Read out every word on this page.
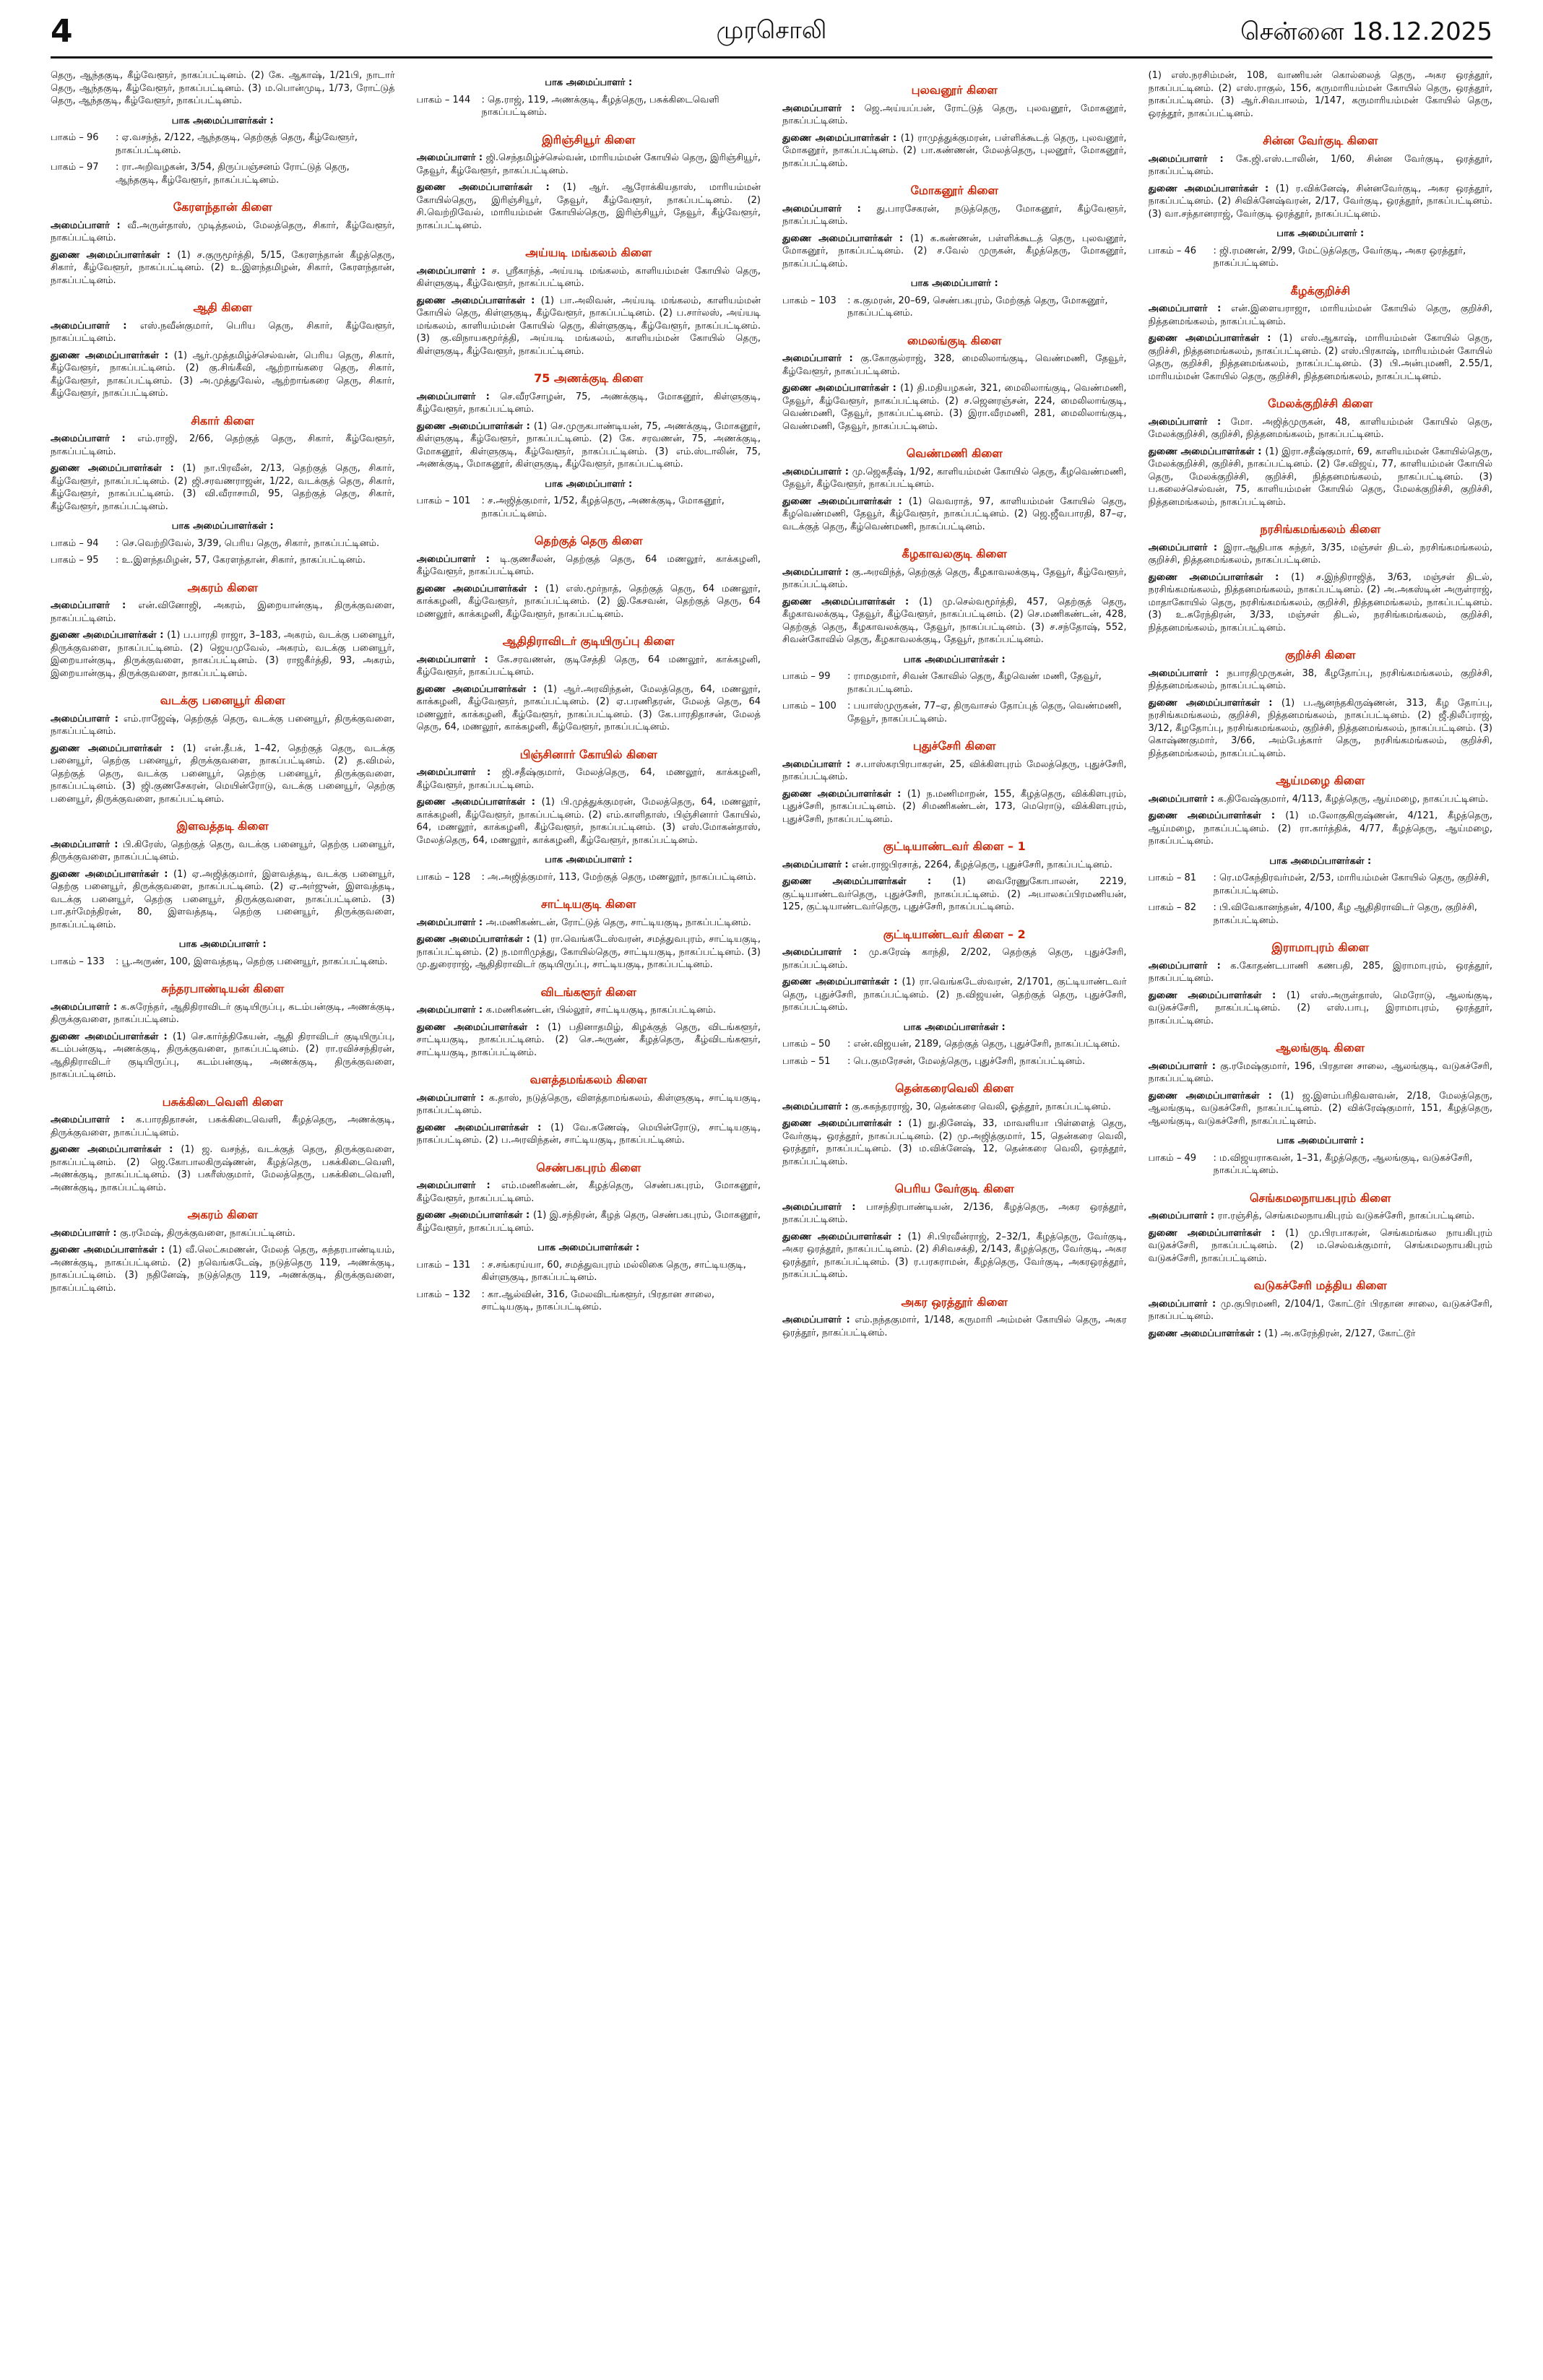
4	முரசொலி	சென்னை 18.12.2025
தெரு, ஆந்தகுடி, கீழ்வேளூர், நாகப்பட்டினம். (2) கே. ஆகாஷ், 1/21பி, நாடார் தெரு, ஆந்தகுடி, கீழ்வேளூர், நாகப்பட்டினம். (3) ம.பொன்முடி, 1/73, ரோட்டுத் தெரு, ஆந்தகுடி, கீழ்வேளூர், நாகப்பட்டினம்.
பாக அமைப்பாளர்கள் :
பாகம் – 96	: ஏ.வசந்த், 2/122, ஆந்தகுடி, தெற்குத் தெரு, கீழ்வேளூர், நாகப்பட்டினம்.
பாகம் – 97	: ரா.அறிவழகன், 3/54, திருப்பஞ்சனம் ரோட்டுத் தெரு, ஆந்தகுடி, கீழ்வேளூர், நாகப்பட்டினம்.
கேரளந்தான் கிளை
அமைப்பாளர் : வீ.அருள்தாஸ், முடித்தலம், மேலத்தெரு, சிகார், கீழ்வேளூர், நாகப்பட்டினம்.
துணை அமைப்பாளர்கள் : (1) ச.குருமூர்த்தி, 5/15, கேரளந்தான் கீழத்தெரு, சிகார், கீழ்வேளூர், நாகப்பட்டினம். (2) உ.இளந்தமிழன், சிகார், கேரளந்தான், நாகப்பட்டினம்.
ஆதி கிளை
அமைப்பாளர் : எஸ்.நவீன்குமார், பெரிய தெரு, சிகார், கீழ்வேளூர், நாகப்பட்டினம்.
துணை அமைப்பாளர்கள் : (1) ஆர்.முத்தமிழ்ச்செல்வன், பெரிய தெரு, சிகார், கீழ்வேளூர், நாகப்பட்டினம். (2) கு.சிங்கீவி, ஆற்றாங்கரை தெரு, சிகார், கீழ்வேளூர், நாகப்பட்டினம். (3) அ.முத்துவேல், ஆற்றாங்கரை தெரு, சிகார், கீழ்வேளூர், நாகப்பட்டினம்.
சிகார் கிளை
அமைப்பாளர் : எம்.ராஜி, 2/66, தெற்குத் தெரு, சிகார், கீழ்வேளூர், நாகப்பட்டினம்.
துணை அமைப்பாளர்கள் : (1) நா.பிரவீன், 2/13, தெற்குத் தெரு, சிகார், கீழ்வேளூர், நாகப்பட்டினம். (2) ஜி.சரவணராஜன், 1/22, வடக்குத் தெரு, சிகார், கீழ்வேளூர், நாகப்பட்டினம். (3) வி.வீராசாமி, 95, தெற்குத் தெரு, சிகார், கீழ்வேளூர், நாகப்பட்டினம்.
பாக அமைப்பாளர்கள் :
பாகம் – 94	: செ.வெற்றிவேல், 3/39, பெரிய தெரு, சிகார், நாகப்பட்டினம்.
பாகம் – 95	: உ.இளந்தமிழன், 57, கேரளந்தான், சிகார், நாகப்பட்டினம்.
அகரம் கிளை
அமைப்பாளர் : என்.வினோஜி, அகரம், இறையான்குடி, திருக்குவளை, நாகப்பட்டினம்.
துணை அமைப்பாளர்கள் : (1) ப.பாரதி ராஜா, 3–183, அகரம், வடக்கு பனையூர், திருக்குவளை, நாகப்பட்டினம். (2) ஜெயமுவேல், அகரம், வடக்கு பனையூர், இறையான்குடி, திருக்குவளை, நாகப்பட்டினம். (3) ராஜகீர்த்தி, 93, அகரம், இறையான்குடி, திருக்குவளை, நாகப்பட்டினம்.
வடக்கு பனையூர் கிளை
அமைப்பாளர் : எம்.ராஜேஷ், தெற்குத் தெரு, வடக்கு பனையூர், திருக்குவளை, நாகப்பட்டினம்.
துணை அமைப்பாளர்கள் : (1) என்.தீபக், 1–42, தெற்குத் தெரு, வடக்கு பனையூர், தெற்கு பனையூர், திருக்குவளை, நாகப்பட்டினம். (2) த.விமல், தெற்குத் தெரு, வடக்கு பனையூர், தெற்கு பனையூர், திருக்குவளை, நாகப்பட்டினம். (3) ஜி.குணசேகரன், மெயின்ரோடு, வடக்கு பனையூர், தெற்கு பனையூர், திருக்குவளை, நாகப்பட்டினம்.
இளவத்தடி கிளை
அமைப்பாளர் : பி.கிரேஸ், தெற்குத் தெரு, வடக்கு பனையூர், தெற்கு பனையூர், திருக்குவளை, நாகப்பட்டினம்.
துணை அமைப்பாளர்கள் : (1) ஏ.அஜித்குமார், இளவத்தடி, வடக்கு பனையூர், தெற்கு பனையூர், திருக்குவளை, நாகப்பட்டினம். (2) ஏ.அர்ஜுன், இளவத்தடி, வடக்கு பனையூர், தெற்கு பனையூர், திருக்குவளை, நாகப்பட்டினம். (3) பா.தர்மேந்திரன், 80, இளவத்தடி, தெற்கு பனையூர், திருக்குவளை, நாகப்பட்டினம்.
பாக அமைப்பாளர் :
பாகம் – 133	: பூ.அருண், 100, இளவத்தடி, தெற்கு பனையூர், நாகப்பட்டினம்.
சுந்தரபாண்டியன் கிளை
அமைப்பாளர் : க.சுரேந்தர், ஆதிதிராவிடர் குடியிருப்பு, கடம்பன்குடி, அணக்குடி, திருக்குவளை, நாகப்பட்டினம்.
துணை அமைப்பாளர்கள் : (1) செ.கார்த்திகேயன், ஆதி திராவிடர் குடியிருப்பு, கடம்பன்குடி, அணக்குடி, திருக்குவளை, நாகப்பட்டினம். (2) ரா.ரவிச்சந்திரன், ஆதிதிராவிடர் குடியிருப்பு, கடம்பன்குடி, அணக்குடி, திருக்குவளை, நாகப்பட்டினம்.
பசுக்கிடைவெளி கிளை
அமைப்பாளர் : க.பாரதிதாசன், பசுக்கிடைவெளி, கீழத்தெரு, அணக்குடி, திருக்குவளை, நாகப்பட்டினம்.
துணை அமைப்பாளர்கள் : (1) ஜ. வசந்த், வடக்குத் தெரு, திருக்குவளை, நாகப்பட்டினம். (2) ஜெ.கோபாலகிருஷ்ணன், கீழத்தெரு, பசுக்கிடைவெளி, அணக்குடி, நாகப்பட்டினம். (3) பசுரீஸ்குமார், மேலத்தெரு, பசுக்கிடைவெளி, அணக்குடி, நாகப்பட்டினம்.
அகரம் கிளை
அமைப்பாளர் : கு.ரமேஷ், திருக்குவளை, நாகப்பட்டினம்.
துணை அமைப்பாளர்கள் : (1) வீ.லெட்சுமணன், மேலத் தெரு, சுந்தரபாண்டியம், அணக்குடி, நாகப்பட்டினம். (2) நவெங்கடேஷ், நடுத்தெரு 119, அணக்குடி, நாகப்பட்டினம். (3) நதினேஷ், நடுத்தெரு 119, அணக்குடி, திருக்குவளை, நாகப்பட்டினம்.
பாக அமைப்பாளர் :
பாகம் – 144	: தெ.ராஜ், 119, அணக்குடி, கீழத்தெரு, பசுக்கிடைவெளி நாகப்பட்டினம்.
இரிஞ்சியூர் கிளை
அமைப்பாளர் : ஜி.செந்தமிழ்ச்செல்வன், மாரியம்மன் கோயில் தெரு, இரிஞ்சியூர், தேவூர், கீழ்வேளூர், நாகப்பட்டினம்.
துணை அமைப்பாளர்கள் : (1) ஆர். ஆரோக்கியதாஸ், மாரியம்மன் கோயில்தெரு, இரிஞ்சியூர், தேவூர், கீழ்வேளூர், நாகப்பட்டினம். (2) சி.வெற்றிவேல், மாரியம்மன் கோயில்தெரு, இரிஞ்சியூர், தேவூர், கீழ்வேளூர், நாகப்பட்டினம்.
அய்யடி மங்கலம் கிளை
அமைப்பாளர் : ச. ஸ்ரீகாந்த், அய்யடி மங்கலம், காளியம்மன் கோயில் தெரு, கிள்ளுகுடி, கீழ்வேளூர், நாகப்பட்டினம்.
துணை அமைப்பாளர்கள் : (1) பா.அலிவன், அய்யடி மங்கலம், காளியம்மன் கோயில் தெரு, கிள்ளுகுடி, கீழ்வேளூர், நாகப்பட்டினம். (2) ப.சார்லஸ், அய்யடி மங்கலம், காளியம்மன் கோயில் தெரு, கிள்ளுகுடி, கீழ்வேளூர், நாகப்பட்டினம். (3) கு.விநாயகமூர்த்தி, அய்யடி மங்கலம், காளியம்மன் கோயில் தெரு, கிள்ளுகுடி, கீழ்வேளூர், நாகப்பட்டினம்.
75 அணக்குடி கிளை
அமைப்பாளர் : செ.வீரசோழன், 75, அணக்குடி, மோகனூர், கிள்ளுகுடி, கீழ்வேளூர், நாகப்பட்டினம்.
துணை அமைப்பாளர்கள் : (1) செ.முருகபாண்டியன், 75, அணக்குடி, மோகனூர், கிள்ளுகுடி, கீழ்வேளூர், நாகப்பட்டினம். (2) கே. சரவணன், 75, அணக்குடி, மோகனூர், கிள்ளுகுடி, கீழ்வேளூர், நாகப்பட்டினம். (3) எம்.ஸ்டாலின், 75, அணக்குடி, மோகனூர், கிள்ளுகுடி, கீழ்வேளூர், நாகப்பட்டினம்.
பாக அமைப்பாளர் :
பாகம் – 101	: ச.அஜித்குமார், 1/52, கீழத்தெரு, அணக்குடி, மோகனூர், நாகப்பட்டினம்.
தெற்குத் தெரு கிளை
அமைப்பாளர் : டி.குணசீலன், தெற்குத் தெரு, 64 மணலூர், காக்கழனி, கீழ்வேளூர், நாகப்பட்டினம்.
துணை அமைப்பாளர்கள் : (1) எஸ்.மூர்நாத், தெற்குத் தெரு, 64 மணலூர், காக்கழனி, கீழ்வேளூர், நாகப்பட்டினம். (2) இ.கேசவன், தெற்குத் தெரு, 64 மணலூர், காக்கழனி, கீழ்வேளூர், நாகப்பட்டினம்.
ஆதிதிராவிடர் குடியிருப்பு கிளை
அமைப்பாளர் : கே.சரவணன், குடிசேத்தி தெரு, 64 மணலூர், காக்கழனி, கீழ்வேளூர், நாகப்பட்டினம்.
துணை அமைப்பாளர்கள் : (1) ஆர்.அரவிந்தன், மேலத்தெரு, 64, மணலூர், காக்கழனி, கீழ்வேளூர், நாகப்பட்டினம். (2) ஏ.பரணிதரன், மேலத் தெரு, 64 மணலூர், காக்கழனி, கீழ்வேளூர், நாகப்பட்டினம். (3) கே.பாரதிதாசன், மேலத் தெரு, 64, மணலூர், காக்கழனி, கீழ்வேளூர், நாகப்பட்டினம்.
பிஞ்சினார் கோயில் கிளை
அமைப்பாளர் : ஜி.சதீஷ்குமார், மேலத்தெரு, 64, மணலூர், காக்கழனி, கீழ்வேளூர், நாகப்பட்டினம்.
துணை அமைப்பாளர்கள் : (1) பி.முத்துக்குமரன், மேலத்தெரு, 64, மணலூர், காக்கழனி, கீழ்வேளூர், நாகப்பட்டினம். (2) எம்.காளிதாஸ், பிஞ்சினார் கோயில், 64, மணலூர், காக்கழனி, கீழ்வேளூர், நாகப்பட்டினம். (3) எஸ்.மோகன்தாஸ், மேலத்தெரு, 64, மணலூர், காக்கழனி, கீழ்வேளூர், நாகப்பட்டினம்.
பாக அமைப்பாளர் :
பாகம் – 128	: அ.அஜித்குமார், 113, மேற்குத் தெரு, மணலூர், நாகப்பட்டினம்.
சாட்டியகுடி கிளை
அமைப்பாளர் : அ.மணிகண்டன், ரோட்டுத் தெரு, சாட்டியகுடி, நாகப்பட்டினம்.
துணை அமைப்பாளர்கள் : (1) ரா.வெங்கடேஸ்வரன், சமத்துவபுரம், சாட்டியகுடி, நாகப்பட்டினம். (2) ந.மாரிமுத்து, கோயில்தெரு, சாட்டியகுடி, நாகப்பட்டினம். (3) மு.துரைராஜ், ஆதிதிராவிடர் குடியிருப்பு, சாட்டியகுடி, நாகப்பட்டினம்.
விடங்களூர் கிளை
அமைப்பாளர் : க.மணிகண்டன், பில்லூர், சாட்டியகுடி, நாகப்பட்டினம்.
துணை அமைப்பாளர்கள் : (1) பதினாதமிழ், கிழக்குத் தெரு, விடங்களூர், சாட்டியகுடி, நாகப்பட்டினம். (2) செ.அருண், கீழத்தெரு, கீழ்விடங்களூர், சாட்டியகுடி, நாகப்பட்டினம்.
வளத்தமங்கலம் கிளை
அமைப்பாளர் : க.தாஸ், நடுத்தெரு, விளத்தாமங்கலம், கிள்ளுகுடி, சாட்டியகுடி, நாகப்பட்டினம்.
துணை அமைப்பாளர்கள் : (1) வே.கணேஷ், மெயின்ரோடு, சாட்டியகுடி, நாகப்பட்டினம். (2) ப.அரவிந்தன், சாட்டியகுடி, நாகப்பட்டினம்.
செண்பகபுரம் கிளை
அமைப்பாளர் : எம்.மணிகண்டன், கீழத்தெரு, செண்பகபுரம், மோகனூர், கீழ்வேளூர், நாகப்பட்டினம்.
துணை அமைப்பாளர்கள் : (1) இ.சந்திரன், கீழத் தெரு, செண்பகபுரம், மோகனூர், கீழ்வேளூர், நாகப்பட்டினம்.
பாக அமைப்பாளர்கள் :
பாகம் – 131	: ச.சங்கரய்யா, 60, சமத்துவபுரம் மல்லிகை தெரு, சாட்டியகுடி, கிள்ளுகுடி, நாகப்பட்டினம்.
பாகம் – 132	: கா.ஆல்வின், 316, மேலவிடங்களூர், பிரதான சாலை, சாட்டியகுடி, நாகப்பட்டினம்.
புலவனூர் கிளை
அமைப்பாளர் : ஜெ.அய்யப்பன், ரோட்டுத் தெரு, புலவனூர், மோகனூர், நாகப்பட்டினம்.
துணை அமைப்பாளர்கள் : (1) ராமுத்துக்குமரன், பள்ளிக்கூடத் தெரு, புலவனூர், மோகனூர், நாகப்பட்டினம். (2) பா.கண்ணன், மேலத்தெரு, புலனூர், மோகனூர், நாகப்பட்டினம்.
மோகனூர் கிளை
அமைப்பாளர் : து.பாரசேகரன், நடுத்தெரு, மோகனூர், கீழ்வேளூர், நாகப்பட்டினம்.
துணை அமைப்பாளர்கள் : (1) க.கண்ணன், பள்ளிக்கூடத் தெரு, புலவனூர், மோகனூர், நாகப்பட்டினம். (2) ச.வேல் முருகன், கீழத்தெரு, மோகனூர், நாகப்பட்டினம்.
பாக அமைப்பாளர் :
பாகம் – 103	: க.குமரன், 20–69, செண்பகபுரம், மேற்குத் தெரு, மோகனூர், நாகப்பட்டினம்.
மைலங்குடி கிளை
அமைப்பாளர் : கு.கோகுல்ராஜ், 328, மைலிலாங்குடி, வெண்மணி, தேவூர், கீழ்வேளூர், நாகப்பட்டினம்.
துணை அமைப்பாளர்கள் : (1) தி.மதியழகன், 321, மைலிலாங்குடி, வெண்மணி, தேவூர், கீழ்வேளூர், நாகப்பட்டினம். (2) ச.ஜெனரஞ்சன், 224, மைலிலாங்குடி, வெண்மணி, தேவூர், நாகப்பட்டினம். (3) இரா.வீரமணி, 281, மைலிலாங்குடி, வெண்மணி, தேவூர், நாகப்பட்டினம்.
வெண்மணி கிளை
அமைப்பாளர் : மு.ஜெகதீஷ், 1/92, காளியம்மன் கோயில் தெரு, கீழவெண்மணி, தேவூர், கீழ்வேளூர், நாகப்பட்டினம்.
துணை அமைப்பாளர்கள் : (1) வெவராத், 97, காளியம்மன் கோயில் தெரு, கீழவெண்மணி, தேவூர், கீழ்வேளூர், நாகப்பட்டினம். (2) ஜெ.ஜீவபாரதி, 87–ஏ, வடக்குத் தெரு, கீழ்வெண்மணி, நாகப்பட்டினம்.
கீழகாவலகுடி கிளை
அமைப்பாளர் : கு.அரவிந்த், தெற்குத் தெரு, கீழகாவலக்குடி, தேவூர், கீழ்வேளூர், நாகப்பட்டினம்.
துணை அமைப்பாளர்கள் : (1) மு.செல்வமூர்த்தி, 457, தெற்குத் தெரு, கீழகாவலக்குடி, தேவூர், கீழ்வேளூர், நாகப்பட்டினம். (2) செ.மணிகண்டன், 428, தெற்குத் தெரு, கீழகாவலக்குடி, தேவூர், நாகப்பட்டினம். (3) ச.சந்தோஷ், 552, சிவன்கோவில் தெரு, கீழகாவலக்குடி, தேவூர், நாகப்பட்டினம்.
பாக அமைப்பாளர்கள் :
பாகம் – 99	: ராமகுமார், சிவன் கோவில் தெரு, கீழவெண் மணி, தேவூர், நாகப்பட்டினம்.
பாகம் – 100	: பயாஸ்முருகன், 77–ஏ, திருவாசல் தோப்புத் தெரு, வெண்மணி, தேவூர், நாகப்பட்டினம்.
புதுச்சேரி கிளை
அமைப்பாளர் : ச.பாஸ்கரபிரபாகரன், 25, விக்கிளபுரம் மேலத்தெரு, புதுச்சேரி, நாகப்பட்டினம்.
துணை அமைப்பாளர்கள் : (1) ந.மணிமாறன், 155, கீழத்தெரு, விக்கிளபுரம், புதுச்சேரி, நாகப்பட்டினம். (2) சிமணிகண்டன், 173, மெரொடு, விக்கிளபுரம், புதுச்சேரி, நாகப்பட்டினம்.
குட்டியாண்டவர் கிளை – 1
அமைப்பாளர் : என்.ராஜபிரசாத், 2264, கீழத்தெரு, புதுச்சேரி, நாகப்பட்டினம்.
துணை அமைப்பாளர்கள் : (1) வைரேணுகோபாலன், 2219, குட்டியாண்டவர்தெரு, புதுச்சேரி, நாகப்பட்டினம். (2) அபாலசுப்பிரமணியன், 125, குட்டியாண்டவர்தெரு, புதுச்சேரி, நாகப்பட்டினம்.
குட்டியாண்டவர் கிளை – 2
அமைப்பாளர் : மு.சுரேஷ் காந்தி, 2/202, தெற்குத் தெரு, புதுச்சேரி, நாகப்பட்டினம்.
துணை அமைப்பாளர்கள் : (1) ரா.வெங்கடேஸ்வரன், 2/1701, குட்டியாண்டவர் தெரு, புதுச்சேரி, நாகப்பட்டினம். (2) ந.விஜயன், தெற்குத் தெரு, புதுச்சேரி, நாகப்பட்டினம்.
பாக அமைப்பாளர்கள் :
பாகம் – 50	: என்.விஜயன், 2189, தெற்குத் தெரு, புதுச்சேரி, நாகப்பட்டினம்.
பாகம் – 51	: பெ.குமரேசன், மேலத்தெரு, புதுச்சேரி, நாகப்பட்டினம்.
தென்கரைவெலி கிளை
அமைப்பாளர் : கு.சுகந்தரராஜ், 30, தென்கரை வெலி, ஓத்தூர், நாகப்பட்டினம்.
துணை அமைப்பாளர்கள் : (1) நு.தினேஷ், 33, மாவளியா பிள்ளைத் தெரு, வேர்குடி, ஒரத்தூர், நாகப்பட்டினம். (2) மு.அஜித்குமார், 15, தென்கரை வெலி, ஒரத்தூர், நாகப்பட்டினம். (3) ம.விக்னேஷ், 12, தென்கரை வெலி, ஒரத்தூர், நாகப்பட்டினம்.
பெரிய வேர்குடி கிளை
அமைப்பாளர் : பாசந்திரபாண்டியன், 2/136, கீழத்தெரு, அகர ஒரத்தூர், நாகப்பட்டினம்.
துணை அமைப்பாளர்கள் : (1) சி.பிரவீன்ராஜ், 2–32/1, கீழத்தெரு, வேர்குடி, அகர ஒரத்தூர், நாகப்பட்டினம். (2) சிசிவசக்தி, 2/143, கீழத்தெரு, வேர்குடி, அகர ஒரத்தூர், நாகப்பட்டினம். (3) ர.பரசுராமன், கீழத்தெரு, வேர்குடி, அகரஒரத்தூர், நாகப்பட்டினம்.
அகர ஒரத்தூர் கிளை
அமைப்பாளர் : எம்.நந்தகுமார், 1/148, கருமாரி அம்மன் கோயில் தெரு, அகர ஒரத்தூர், நாகப்பட்டினம்.
(1) எஸ்.நரசிம்மன், 108, வாணியன் கொல்லைத் தெரு, அகர ஒரத்தூர், நாகப்பட்டினம். (2) எஸ்.ராகுல், 156, கருமாரியம்மன் கோயில் தெரு, ஒரத்தூர், நாகப்பட்டினம். (3) ஆர்.சிவபாலம், 1/147, கருமாரியம்மன் கோயில் தெரு, ஒரத்தூர், நாகப்பட்டினம்.
சின்ன வேர்குடி கிளை
அமைப்பாளர் : கே.ஜி.எஸ்.டாலின், 1/60, சின்ன வேர்குடி, ஒரத்தூர், நாகப்பட்டினம்.
துணை அமைப்பாளர்கள் : (1) ர.விக்னேஷ், சின்னவேர்குடி, அகர ஒரத்தூர், நாகப்பட்டினம். (2) சிவிக்னேஷ்வரன், 2/17, வேர்குடி, ஒரத்தூர், நாகப்பட்டினம். (3) வா.சந்தானராஜ், வேர்குடி ஒரத்தூர், நாகப்பட்டினம்.
பாக அமைப்பாளர் :
பாகம் – 46	: ஜி.ரமணன், 2/99, மேட்டுத்தெரு, வேர்குடி, அகர ஒரத்தூர், நாகப்பட்டினம்.
கீழக்குறிச்சி
அமைப்பாளர் : என்.இளையராஜா, மாரியம்மன் கோயில் தெரு, குறிச்சி, நித்தனமங்கலம், நாகப்பட்டினம்.
துணை அமைப்பாளர்கள் : (1) எஸ்.ஆகாஷ், மாரியம்மன் கோயில் தெரு, குறிச்சி, நித்தனமங்கலம், நாகப்பட்டினம். (2) எஸ்.பிரகாஷ், மாரியம்மன் கோயில் தெரு, குறிச்சி, நித்தனமங்கலம், நாகப்பட்டினம். (3) பி.அன்புமணி, 2.55/1, மாரியம்மன் கோயில் தெரு, குறிச்சி, நித்தனமங்கலம், நாகப்பட்டினம்.
மேலக்குறிச்சி கிளை
அமைப்பாளர் : மோ. அஜித்முருகன், 48, காளியம்மன் கோயில் தெரு, மேலக்குறிச்சி, குறிச்சி, நித்தனமங்கலம், நாகப்பட்டினம்.
துணை அமைப்பாளர்கள் : (1) இரா.சதீஷ்குமார், 69, காளியம்மன் கோயில்தெரு, மேலக்குறிச்சி, குறிச்சி, நாகப்பட்டினம். (2) சே.விஜய், 77, காளியம்மன் கோயில் தெரு, மேலக்குறிச்சி, குறிச்சி, நித்தனமங்கலம், நாகப்பட்டினம். (3) ப.கலைச்செல்வன், 75, காளியம்மன் கோயில் தெரு, மேலக்குறிச்சி, குறிச்சி, நித்தனமங்கலம், நாகப்பட்டினம்.
நரசிங்கமங்கலம் கிளை
அமைப்பாளர் : இரா.ஆதிபாக சுந்தர், 3/35, மஞ்சள் திடல், நரசிங்கமங்கலம், குறிச்சி, நித்தனமங்கலம், நாகப்பட்டினம்.
துணை அமைப்பாளர்கள் : (1) ச.இந்திராஜித், 3/63, மஞ்சள் திடல், நரசிங்கமங்கலம், நித்தனமங்கலம், நாகப்பட்டினம். (2) அ.அகஸ்டின் அருள்ராஜ், மாதாகோயில் தெரு, நரசிங்கமங்கலம், குறிச்சி, நித்தனமங்கலம், நாகப்பட்டினம். (3) உ.சுரேந்திரன், 3/33, மஞ்சள் திடல், நரசிங்கமங்கலம், குறிச்சி, நித்தனமங்கலம், நாகப்பட்டினம்.
குறிச்சி கிளை
அமைப்பாளர் : நபாரதிமுருகன், 38, கீழதோப்பு, நரசிங்கமங்கலம், குறிச்சி, நித்தனமங்கலம், நாகப்பட்டினம்.
துணை அமைப்பாளர்கள் : (1) ப.ஆனந்தகிருஷ்ணன், 313, கீழ தோப்பு, நரசிங்கமங்கலம், குறிச்சி, நித்தனமங்கலம், நாகப்பட்டினம். (2) ஜீ.திலீப்ராஜ், 3/12, கீழதோப்பு, நரசிங்கமங்கலம், குறிச்சி, நித்தனமங்கலம், நாகப்பட்டினம். (3) கொஷ்ணகுமார், 3/66, அம்பேத்கார் தெரு, நரசிங்கமங்கலம், குறிச்சி, நித்தனமங்கலம், நாகப்பட்டினம்.
ஆய்மழை கிளை
அமைப்பாளர் : க.திவேஷ்குமார், 4/113, கீழத்தெரு, ஆய்மழை, நாகப்பட்டினம்.
துணை அமைப்பாளர்கள் : (1) ம.லோகுகிருஷ்ணன், 4/121, கீழத்தெரு, ஆய்மழை, நாகப்பட்டினம். (2) ரா.கார்த்திக், 4/77, கீழத்தெரு, ஆய்மழை, நாகப்பட்டினம்.
பாக அமைப்பாளர்கள் :
பாகம் – 81	: ரெ.மகேந்திரவர்மன், 2/53, மாரியம்மன் கோயில் தெரு, குறிச்சி, நாகப்பட்டினம்.
பாகம் – 82	: பி.விவேகானந்தன், 4/100, கீழ ஆதிதிராவிடர் தெரு, குறிச்சி, நாகப்பட்டினம்.
இராமாபுரம் கிளை
அமைப்பாளர் : க.கோதண்டபாணி கணபதி, 285, இராமாபுரம், ஒரத்தூர், நாகப்பட்டினம்.
துணை அமைப்பாளர்கள் : (1) எஸ்.அருள்தாஸ், மெரோடு, ஆலங்குடி, வடுகச்சேரி, நாகப்பட்டினம். (2) எஸ்.பாபு, இராமாபுரம், ஒரத்தூர், நாகப்பட்டினம்.
ஆலங்குடி கிளை
அமைப்பாளர் : கு.ரமேஷ்குமார், 196, பிரதான சாலை, ஆலங்குடி, வடுகச்சேரி, நாகப்பட்டினம்.
துணை அமைப்பாளர்கள் : (1) ஜ.இளம்பரிதிவளவன், 2/18, மேலத்தெரு, ஆலங்குடி, வடுகச்சேரி, நாகப்பட்டினம். (2) விக்ரேஷ்குமார், 151, கீழத்தெரு, ஆலங்குடி, வடுகச்சேரி, நாகப்பட்டினம்.
பாக அமைப்பாளர் :
பாகம் – 49	: ம.விஜயராகவன், 1–31, கீழத்தெரு, ஆலங்குடி, வடுகச்சேரி, நாகப்பட்டினம்.
செங்கமலநாயகபுரம் கிளை
அமைப்பாளர் : ரா.ரஞ்சித், செங்கமலநாயகிபுரம் வடுகச்சேரி, நாகப்பட்டினம்.
துணை அமைப்பாளர்கள் : (1) மு.பிரபாகரன், செங்கமங்கல நாயகிபுரம் வடுகச்சேரி, நாகப்பட்டினம். (2) ம.செல்வக்குமார், செங்கமலநாயகிபுரம் வடுகச்சேரி, நாகப்பட்டினம்.
வடுகச்சேரி மத்திய கிளை
அமைப்பாளர் : மு.குபிரமணி, 2/104/1, கோட்டூர் பிரதான சாலை, வடுகச்சேரி, நாகப்பட்டினம்.
துணை அமைப்பாளர்கள் : (1) அ.கரேந்திரன், 2/127, கோட்டூர்
